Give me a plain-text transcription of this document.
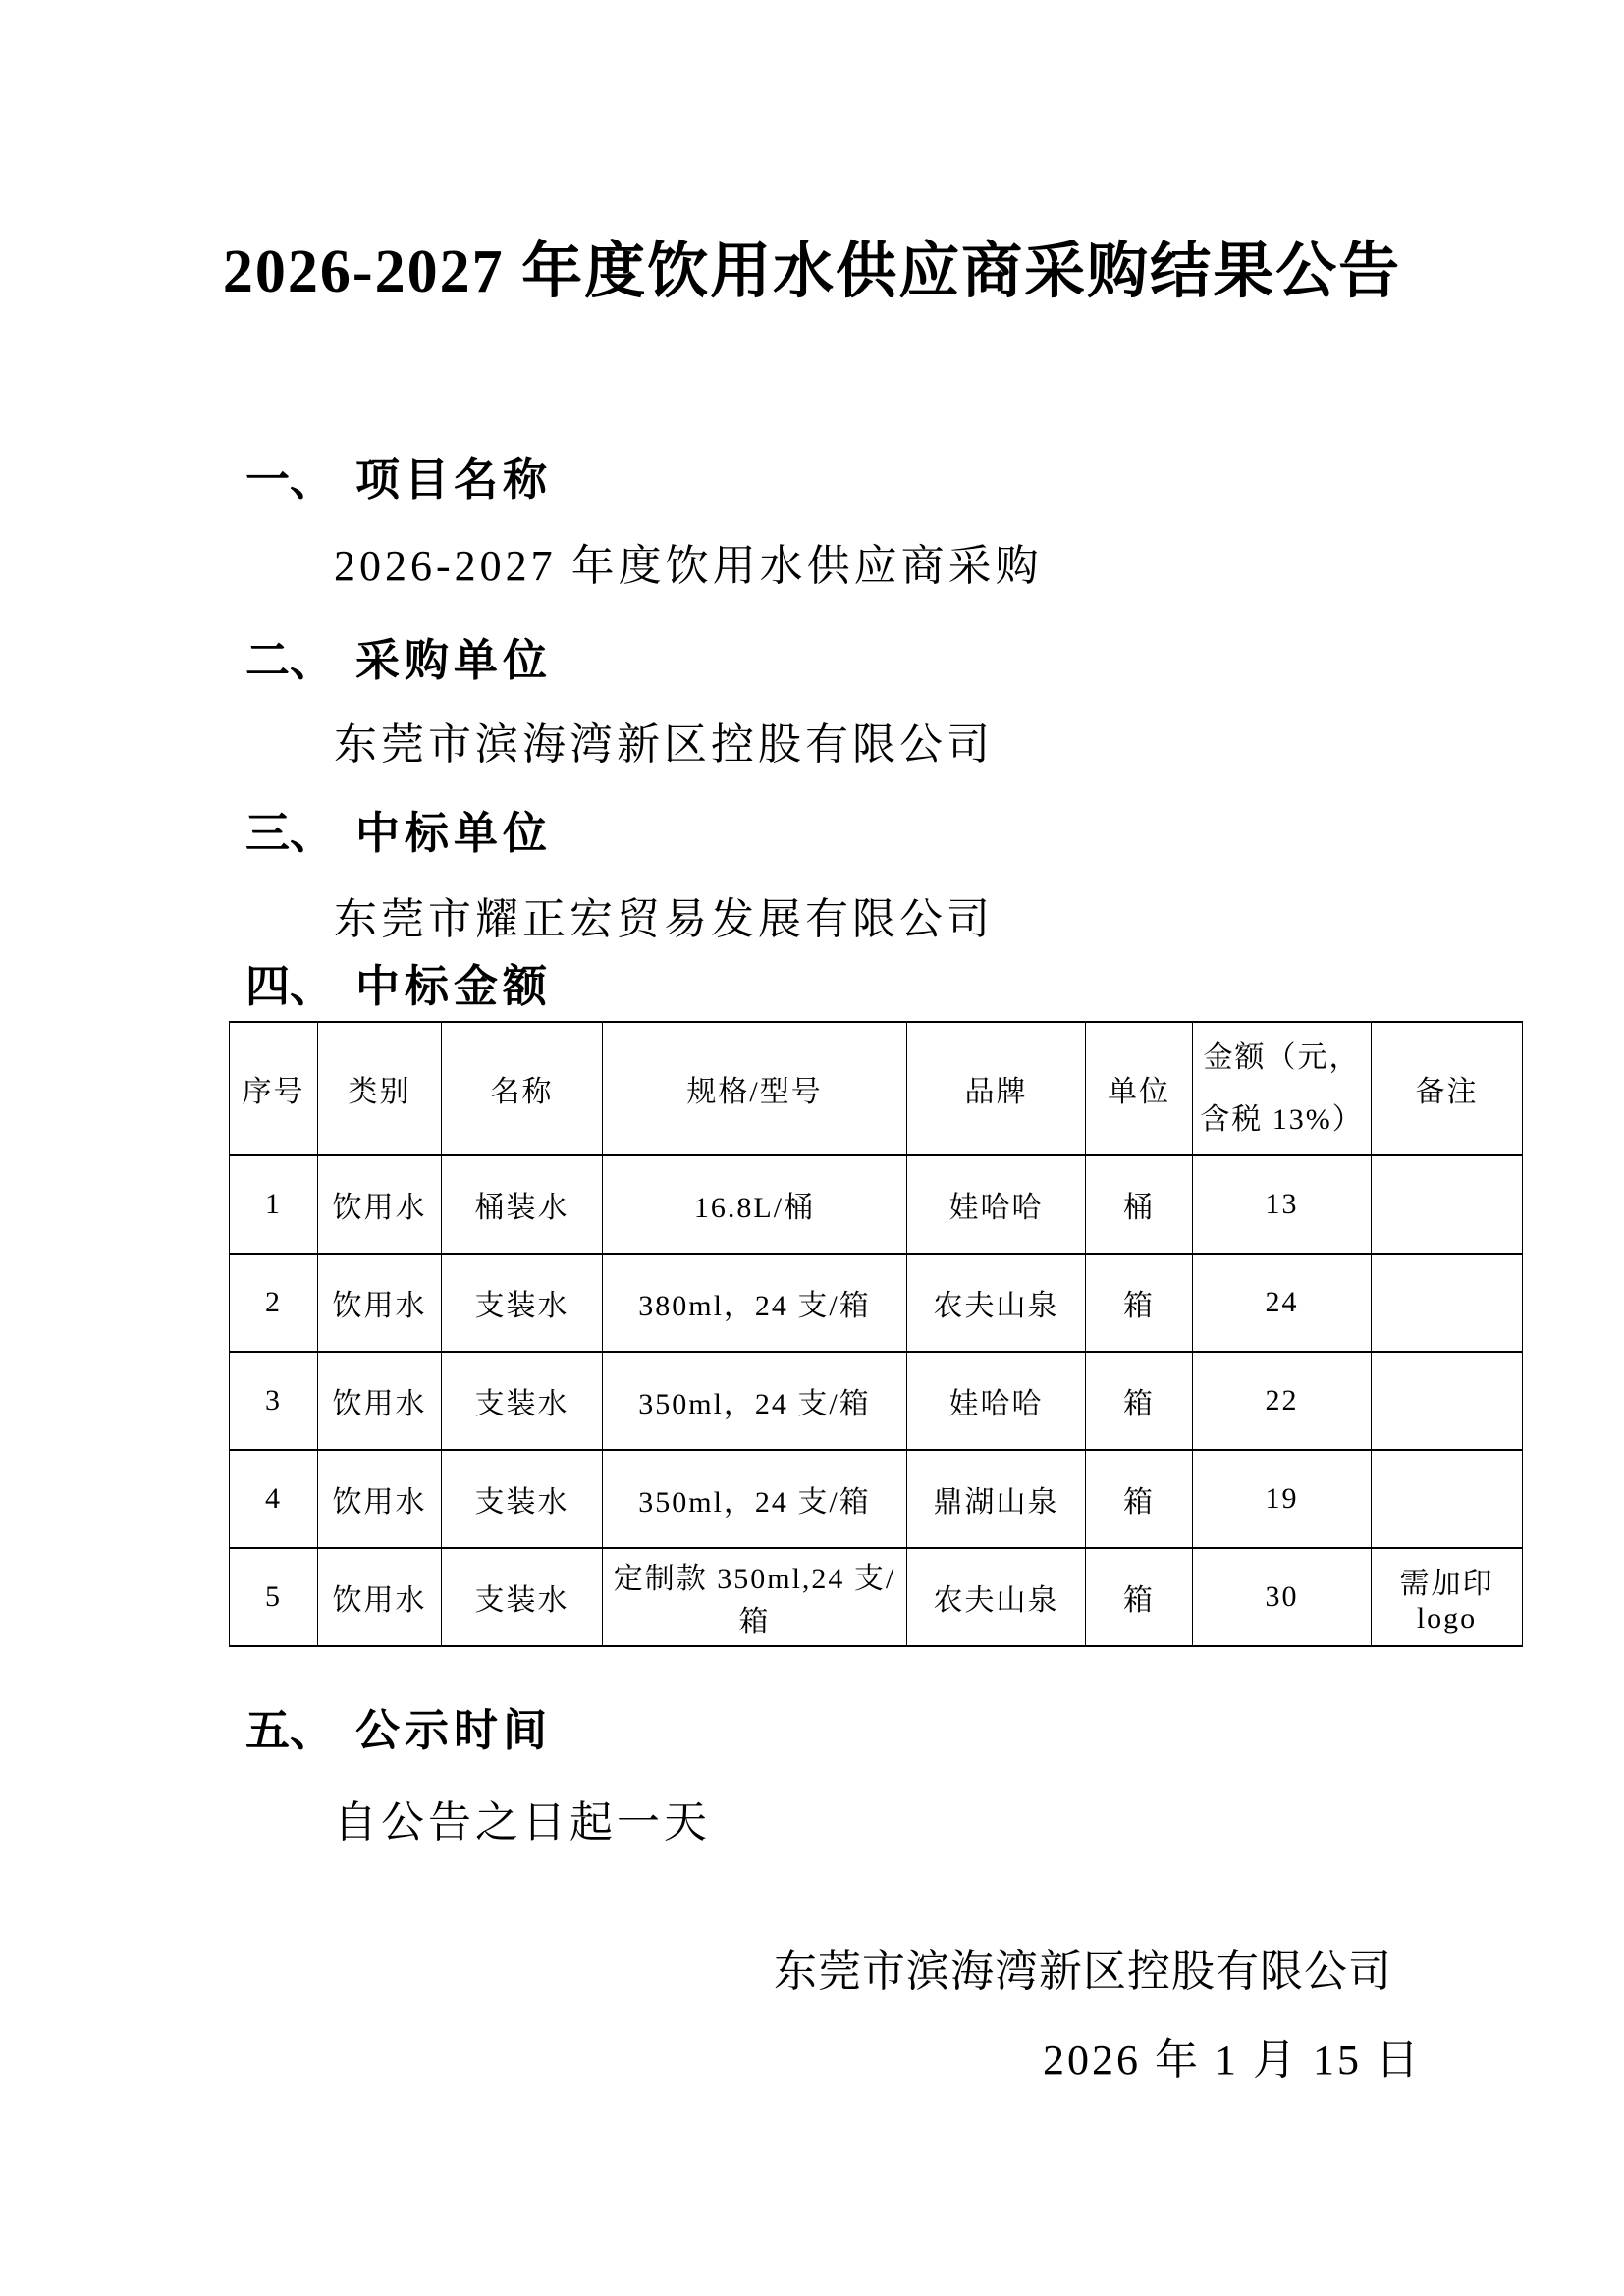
2026-2027 年度饮用水供应商采购结果公告
一、 项目名称

2026-2027 年度饮用水供应商采购

二、 采购单位

东莞市滨海湾新区控股有限公司

三、 中标单位

东莞市耀正宏贸易发展有限公司

四、 中标金额
序号	类别	名称	规格/型号	品牌	单位	金额（元，含税 13%）	备注
1	饮用水	桶装水	16.8L/桶	娃哈哈	桶	13	
2	饮用水	支装水	380ml，24 支/箱	农夫山泉	箱	24	
3	饮用水	支装水	350ml，24 支/箱	娃哈哈	箱	22	
4	饮用水	支装水	350ml，24 支/箱	鼎湖山泉	箱	19	
5	饮用水	支装水	定制款 350ml,24 支/箱	农夫山泉	箱	30	需加印 logo
五、 公示时间

自公告之日起一天

东莞市滨海湾新区控股有限公司

2026 年 1 月 15 日
